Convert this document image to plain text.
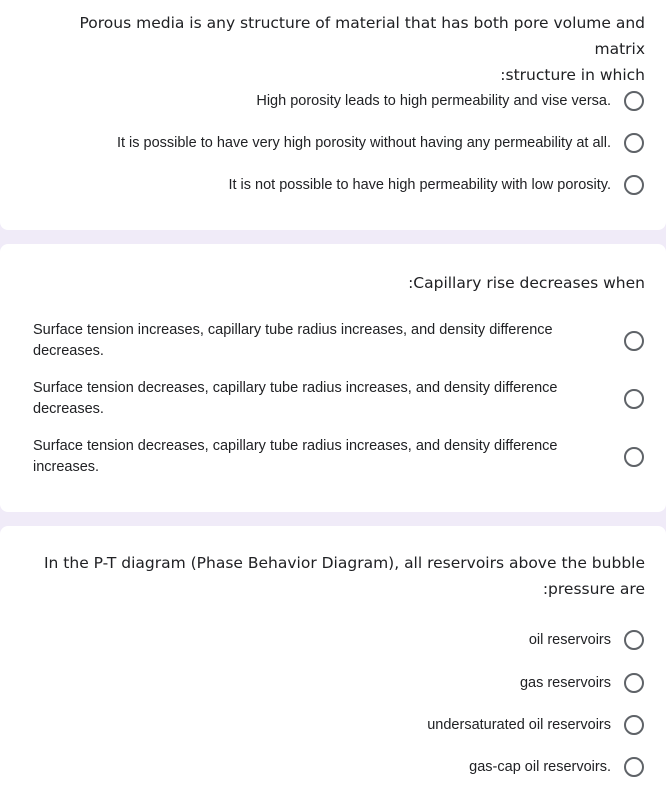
Porous media is any structure of material that has both pore volume and matrix
:structure in which
High porosity leads to high permeability and vise versa.
It is possible to have very high porosity without having any permeability at all.
It is not possible to have high permeability with low porosity.
:Capillary rise decreases when
Surface tension increases, capillary tube radius increases, and density difference decreases.
Surface tension decreases, capillary tube radius increases, and density difference decreases.
Surface tension decreases, capillary tube radius increases, and density difference increases.
In the P-T diagram (Phase Behavior Diagram), all reservoirs above the bubble
:pressure are
oil reservoirs
gas reservoirs
undersaturated oil reservoirs
gas-cap oil reservoirs.
